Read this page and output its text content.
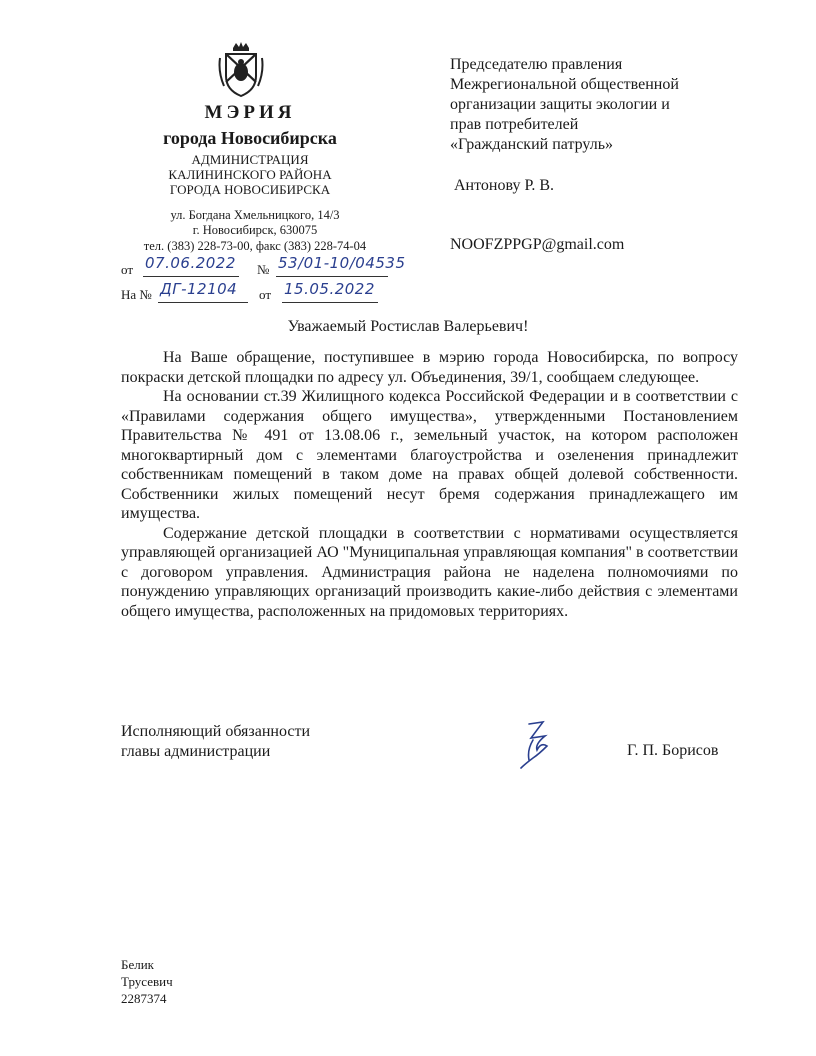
МЭРИЯ
города Новосибирска
АДМИНИСТРАЦИЯ
КАЛИНИНСКОГО РАЙОНА
ГОРОДА НОВОСИБИРСКА
ул. Богдана Хмельницкого, 14/3
г. Новосибирск, 630075
тел. (383) 228-73-00, факс (383) 228-74-04
от 07.06.2022 № 53/01-10/04535
На № ДГ-12104	от 15.05.2022
Председателю правления
Межрегиональной общественной
организации защиты экологии и
прав потребителей
«Гражданский патруль»
Антонову Р. В.
NOOFZPPGP@gmail.com
Уважаемый Ростислав Валерьевич!

На Ваше обращение, поступившее в мэрию города Новосибирска, по вопросу покраски детской площадки по адресу ул. Объединения, 39/1, сообщаем следующее.

На основании ст.39 Жилищного кодекса Российской Федерации и в соответствии с «Правилами содержания общего имущества», утвержденными Постановлением Правительства № 491 от 13.08.06 г., земельный участок, на котором расположен многоквартирный дом с элементами благоустройства и озеленения принадлежит собственникам помещений в таком доме на правах общей долевой собственности. Собственники жилых помещений несут бремя содержания принадлежащего им имущества.

Содержание детской площадки в соответствии с нормативами осуществляется управляющей организацией АО "Муниципальная управляющая компания" в соответствии с договором управления. Администрация района не наделена полномочиями по понуждению управляющих организаций производить какие-либо действия с элементами общего имущества, расположенных на придомовых территориях.

Исполняющий обязанности
главы администрации	Г. П. Борисов
Белик
Трусевич
2287374
